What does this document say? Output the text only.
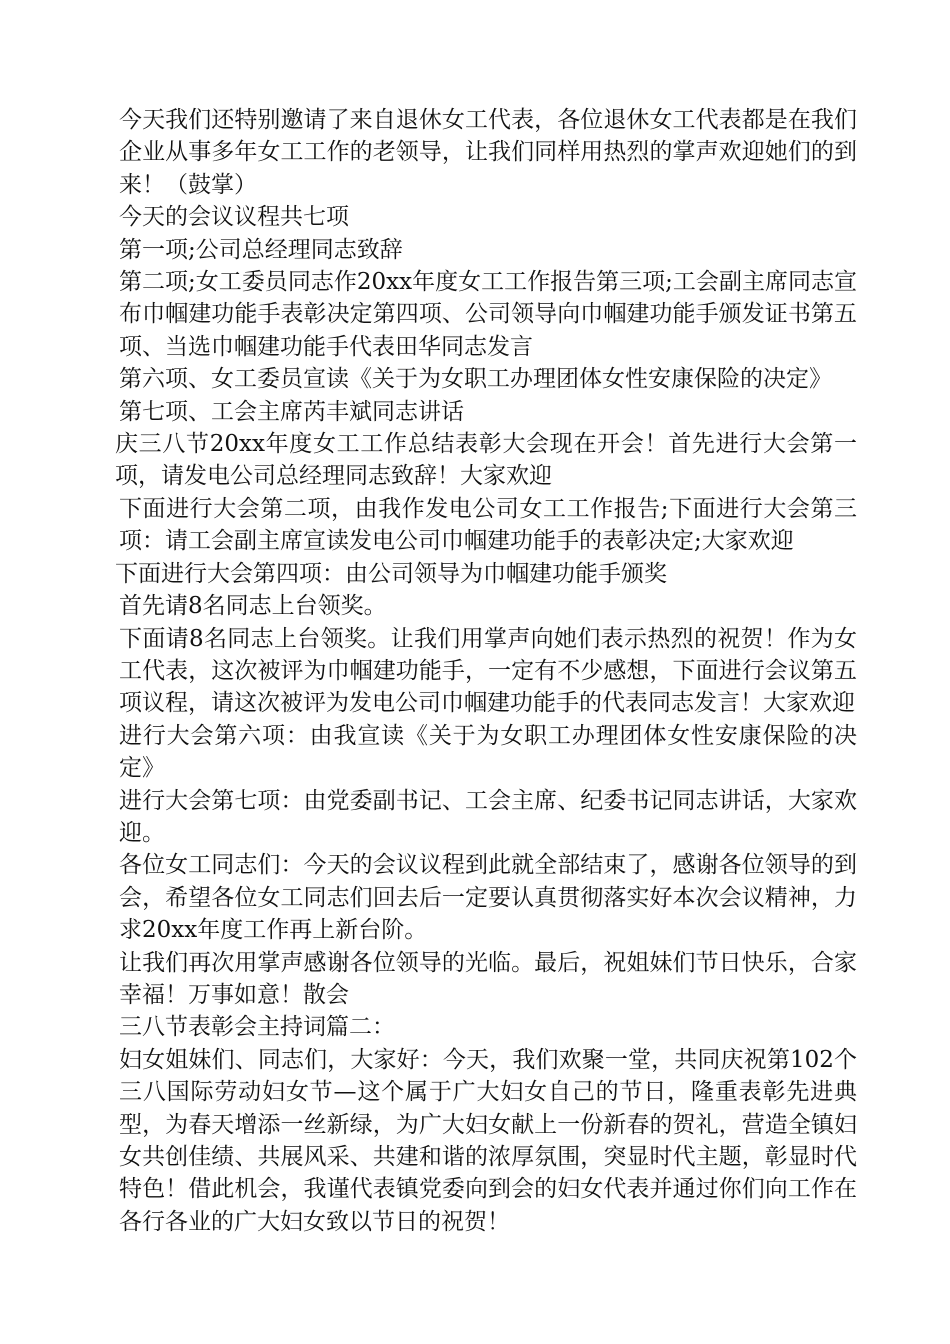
今天我们还特别邀请了来自退休女工代表，各位退休女工代表都是在我们企业从事多年女工工作的老领导，让我们同样用热烈的掌声欢迎她们的到来！（鼓掌）

今天的会议议程共七项

第一项;公司总经理同志致辞

第二项;女工委员同志作20xx年度女工工作报告第三项;工会副主席同志宣布巾帼建功能手表彰决定第四项、公司领导向巾帼建功能手颁发证书第五项、当选巾帼建功能手代表田华同志发言

第六项、女工委员宣读《关于为女职工办理团体女性安康保险的决定》

第七项、工会主席芮丰斌同志讲话

庆三八节20xx年度女工工作总结表彰大会现在开会！首先进行大会第一项，请发电公司总经理同志致辞！大家欢迎

下面进行大会第二项，由我作发电公司女工工作报告;下面进行大会第三项：请工会副主席宣读发电公司巾帼建功能手的表彰决定;大家欢迎

下面进行大会第四项：由公司领导为巾帼建功能手颁奖

首先请8名同志上台领奖。

下面请8名同志上台领奖。让我们用掌声向她们表示热烈的祝贺！作为女工代表，这次被评为巾帼建功能手，一定有不少感想，下面进行会议第五项议程，请这次被评为发电公司巾帼建功能手的代表同志发言！大家欢迎

进行大会第六项：由我宣读《关于为女职工办理团体女性安康保险的决定》

进行大会第七项：由党委副书记、工会主席、纪委书记同志讲话，大家欢迎。

各位女工同志们：今天的会议议程到此就全部结束了，感谢各位领导的到会，希望各位女工同志们回去后一定要认真贯彻落实好本次会议精神，力求20xx年度工作再上新台阶。

让我们再次用掌声感谢各位领导的光临。最后，祝姐妹们节日快乐，合家幸福！万事如意！散会

三八节表彰会主持词篇二：

妇女姐妹们、同志们，大家好：今天，我们欢聚一堂，共同庆祝第102个三八国际劳动妇女节—这个属于广大妇女自己的节日，隆重表彰先进典型，为春天增添一丝新绿，为广大妇女献上一份新春的贺礼，营造全镇妇女共创佳绩、共展风采、共建和谐的浓厚氛围，突显时代主题，彰显时代特色！借此机会，我谨代表镇党委向到会的妇女代表并通过你们向工作在各行各业的广大妇女致以节日的祝贺！
